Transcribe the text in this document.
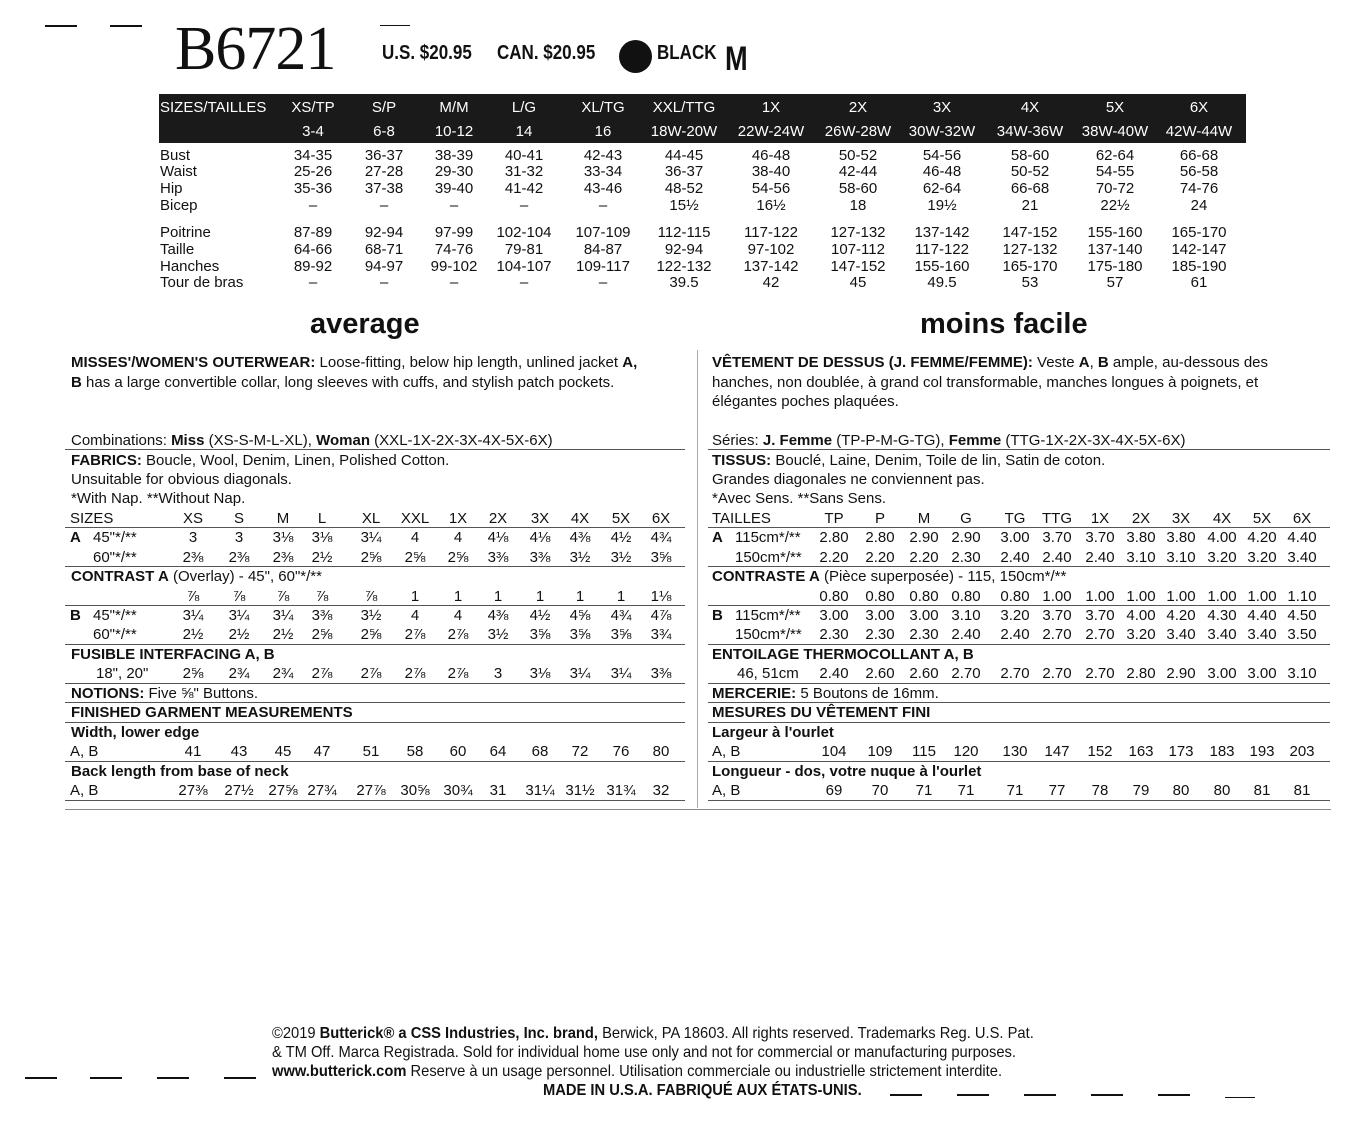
B6721 U.S. $20.95 CAN. $20.95	BLACK M
SIZES/TAILLES XS/TP S/P	M/M	L/G	XL/TG XXL/TTG	1X	2X	3X	4X	5X	6X
3-4	6-8	10-12	14	16	18W-20W 22W-24W 26W-28W 30W-32W 34W-36W 38W-40W 42W-44W
Bust	34-35 36-37 38-39 40-41	42-43	44-45	46-48	50-52	54-56	58-60	62-64	66-68
Waist	25-26 27-28 29-30 31-32	33-34	36-37	38-40	42-44	46-48	50-52	54-55	56-58
Hip	35-36 37-38 39-40 41-42	43-46	48-52	54-56	58-60	62-64	66-68	70-72	74-76
Bicep	–	–	–	–	–	15½	16½	18	19½	21	22½	24
Poitrine	87-89 92-94 97-99 102-104 107-109 112-115 117-122 127-132 137-142 147-152 155-160 165-170
Taille	64-66 68-71 74-76 79-81	84-87	92-94	97-102 107-112 117-122 127-132 137-140 142-147
Hanches	89-92 94-97 99-102 104-107 109-117 122-132 137-142 147-152 155-160 165-170 175-180 185-190
Tour de bras	–	–	–	–	–	39.5	42	45	49.5	53	57	61
average	moins facile
MISSES'/WOMEN'S OUTERWEAR: Loose-fitting, below hip length, unlined jacket A,
B has a large convertible collar, long sleeves with cuffs, and stylish patch pockets.
Combinations: Miss (XS-S-M-L-XL), Woman (XXL-1X-2X-3X-4X-5X-6X)
FABRICS: Boucle, Wool, Denim, Linen, Polished Cotton.
Unsuitable for obvious diagonals.
*With Nap. **Without Nap.
CONTRAST A (Overlay) - 45", 60"*/**
FUSIBLE INTERFACING A, B
NOTIONS: Five ⅝" Buttons.
FINISHED GARMENT MEASUREMENTS
Width, lower edge
Back length from base of neck
SIZES	XS S M L XL XXL 1X 2X 3X 4X 5X 6X
A 45"*/**	3	3 3⅛ 3⅛ 3¼ 4 4 4⅛ 4⅛ 4⅜ 4½ 4¾
60"*/**	2⅜ 2⅜ 2⅜ 2½ 2⅝ 2⅝ 2⅝ 3⅜ 3⅜ 3½ 3½ 3⅝
⅞ ⅞ ⅞ ⅞ ⅞ 1 1 1 1 1 1 1⅛
B 45"*/**	3¼ 3¼ 3¼ 3⅜ 3½ 4 4 4⅜ 4½ 4⅝ 4¾ 4⅞
60"*/**	2½ 2½ 2½ 2⅝ 2⅝ 2⅞ 2⅞ 3½ 3⅝ 3⅝ 3⅝ 3¾
18", 20" 2⅝ 2¾ 2¾ 2⅞ 2⅞ 2⅞ 2⅞ 3 3⅛ 3¼ 3¼ 3⅜
A, B	41 43 45 47 51 58 60 64 68 72 76 80
A, B	27⅜ 27½ 27⅝ 27¾ 27⅞ 30⅝ 30¾ 31 31¼ 31½ 31¾ 32
VÊTEMENT DE DESSUS (J. FEMME/FEMME): Veste A, B ample, au-dessous des
hanches, non doublée, à grand col transformable, manches longues à poignets, et
élégantes poches plaquées.
Séries: J. Femme (TP-P-M-G-TG), Femme (TTG-1X-2X-3X-4X-5X-6X)
TISSUS: Bouclé, Laine, Denim, Toile de lin, Satin de coton.
Grandes diagonales ne conviennent pas.
*Avec Sens. **Sans Sens.
CONTRASTE A (Pièce superposée) - 115, 150cm*/**
ENTOILAGE THERMOCOLLANT A, B
MERCERIE: 5 Boutons de 16mm.
MESURES DU VÊTEMENT FINI
Largeur à l'ourlet
Longueur - dos, votre nuque à l'ourlet
TAILLES	TP P M G TG TTG 1X 2X 3X 4X 5X 6X
A 115cm*/** 2.80 2.80 2.90 2.90 3.00 3.70 3.70 3.80 3.80 4.00 4.20 4.40
150cm*/** 2.20 2.20 2.20 2.30 2.40 2.40 2.40 3.10 3.10 3.20 3.20 3.40
0.80 0.80 0.80 0.80 0.80 1.00 1.00 1.00 1.00 1.00 1.00 1.10
B 115cm*/** 3.00 3.00 3.00 3.10 3.20 3.70 3.70 4.00 4.20 4.30 4.40 4.50
150cm*/** 2.30 2.30 2.30 2.40 2.40 2.70 2.70 3.20 3.40 3.40 3.40 3.50
46, 51cm 2.40 2.60 2.60 2.70 2.70 2.70 2.70 2.80 2.90 3.00 3.00 3.10
A, B	104 109 115 120 130 147 152 163 173 183 193 203
A, B	69 70 71 71 71 77 78 79 80 80 81 81
©2019 Butterick® a CSS Industries, Inc. brand, Berwick, PA 18603. All rights reserved. Trademarks Reg. U.S. Pat.
& TM Off. Marca Registrada. Sold for individual home use only and not for commercial or manufacturing purposes.
www.butterick.com Reserve à un usage personnel. Utilisation commerciale ou industrielle strictement interdite.
MADE IN U.S.A. FABRIQUÉ AUX ÉTATS-UNIS.
